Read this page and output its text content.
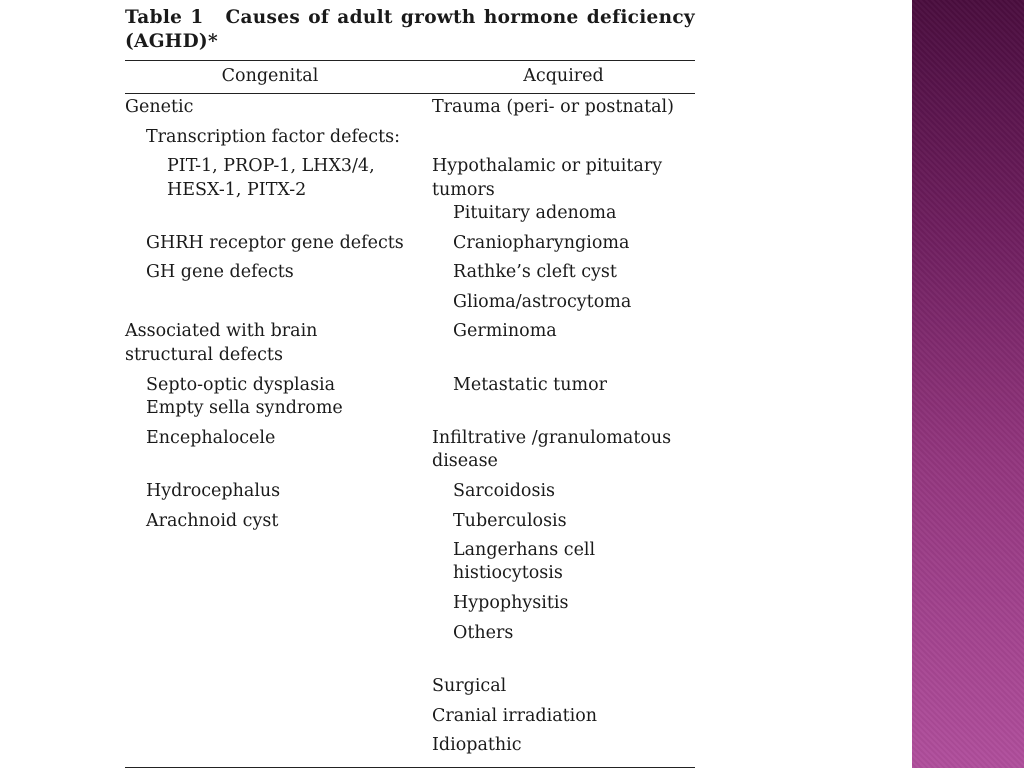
Table 1 Causes of adult growth hormone deficiency (AGHD)*

Congenital	Acquired
Genetic
Transcription factor defects:
PIT-1, PROP-1, LHX3/4,
HESX-1, PITX-2
GHRH receptor gene defects
GH gene defects
Associated with brain
structural defects
Septo-optic dysplasia
Empty sella syndrome
Encephalocele
Hydrocephalus
Arachnoid cyst
Trauma (peri- or postnatal)
Hypothalamic or pituitary
tumors
Pituitary adenoma
Craniopharyngioma
Rathke’s cleft cyst
Glioma/astrocytoma
Germinoma
Metastatic tumor
Infiltrative /granulomatous
disease
Sarcoidosis
Tuberculosis
Langerhans cell
histiocytosis
Hypophysitis
Others
Surgical
Cranial irradiation
Idiopathic
